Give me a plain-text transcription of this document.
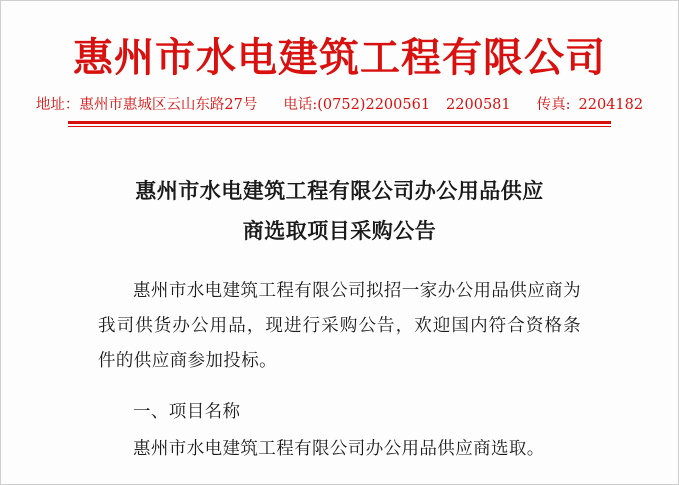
惠州市水电建筑工程有限公司
地址： 惠州市惠城区云山东路27号 电话: (0752)2200561 2200581 传真: 2204182
惠州市水电建筑工程有限公司办公用品供应
商选取项目采购公告
惠州市水电建筑工程有限公司拟招一家办公用品供应商为我司供货办公用品，现进行采购公告，欢迎国内符合资格条件的供应商参加投标。
一、项目名称
惠州市水电建筑工程有限公司办公用品供应商选取。
